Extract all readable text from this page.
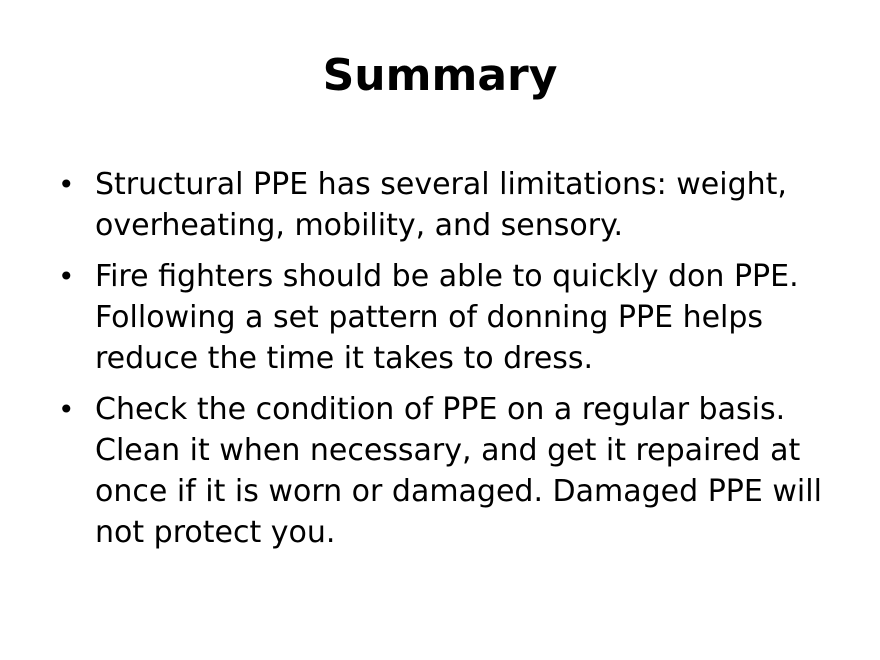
Summary
• Structural PPE has several limitations: weight, overheating, mobility, and sensory.
• Fire fighters should be able to quickly don PPE. Following a set pattern of donning PPE helps reduce the time it takes to dress.
• Check the condition of PPE on a regular basis. Clean it when necessary, and get it repaired at once if it is worn or damaged. Damaged PPE will not protect you.
